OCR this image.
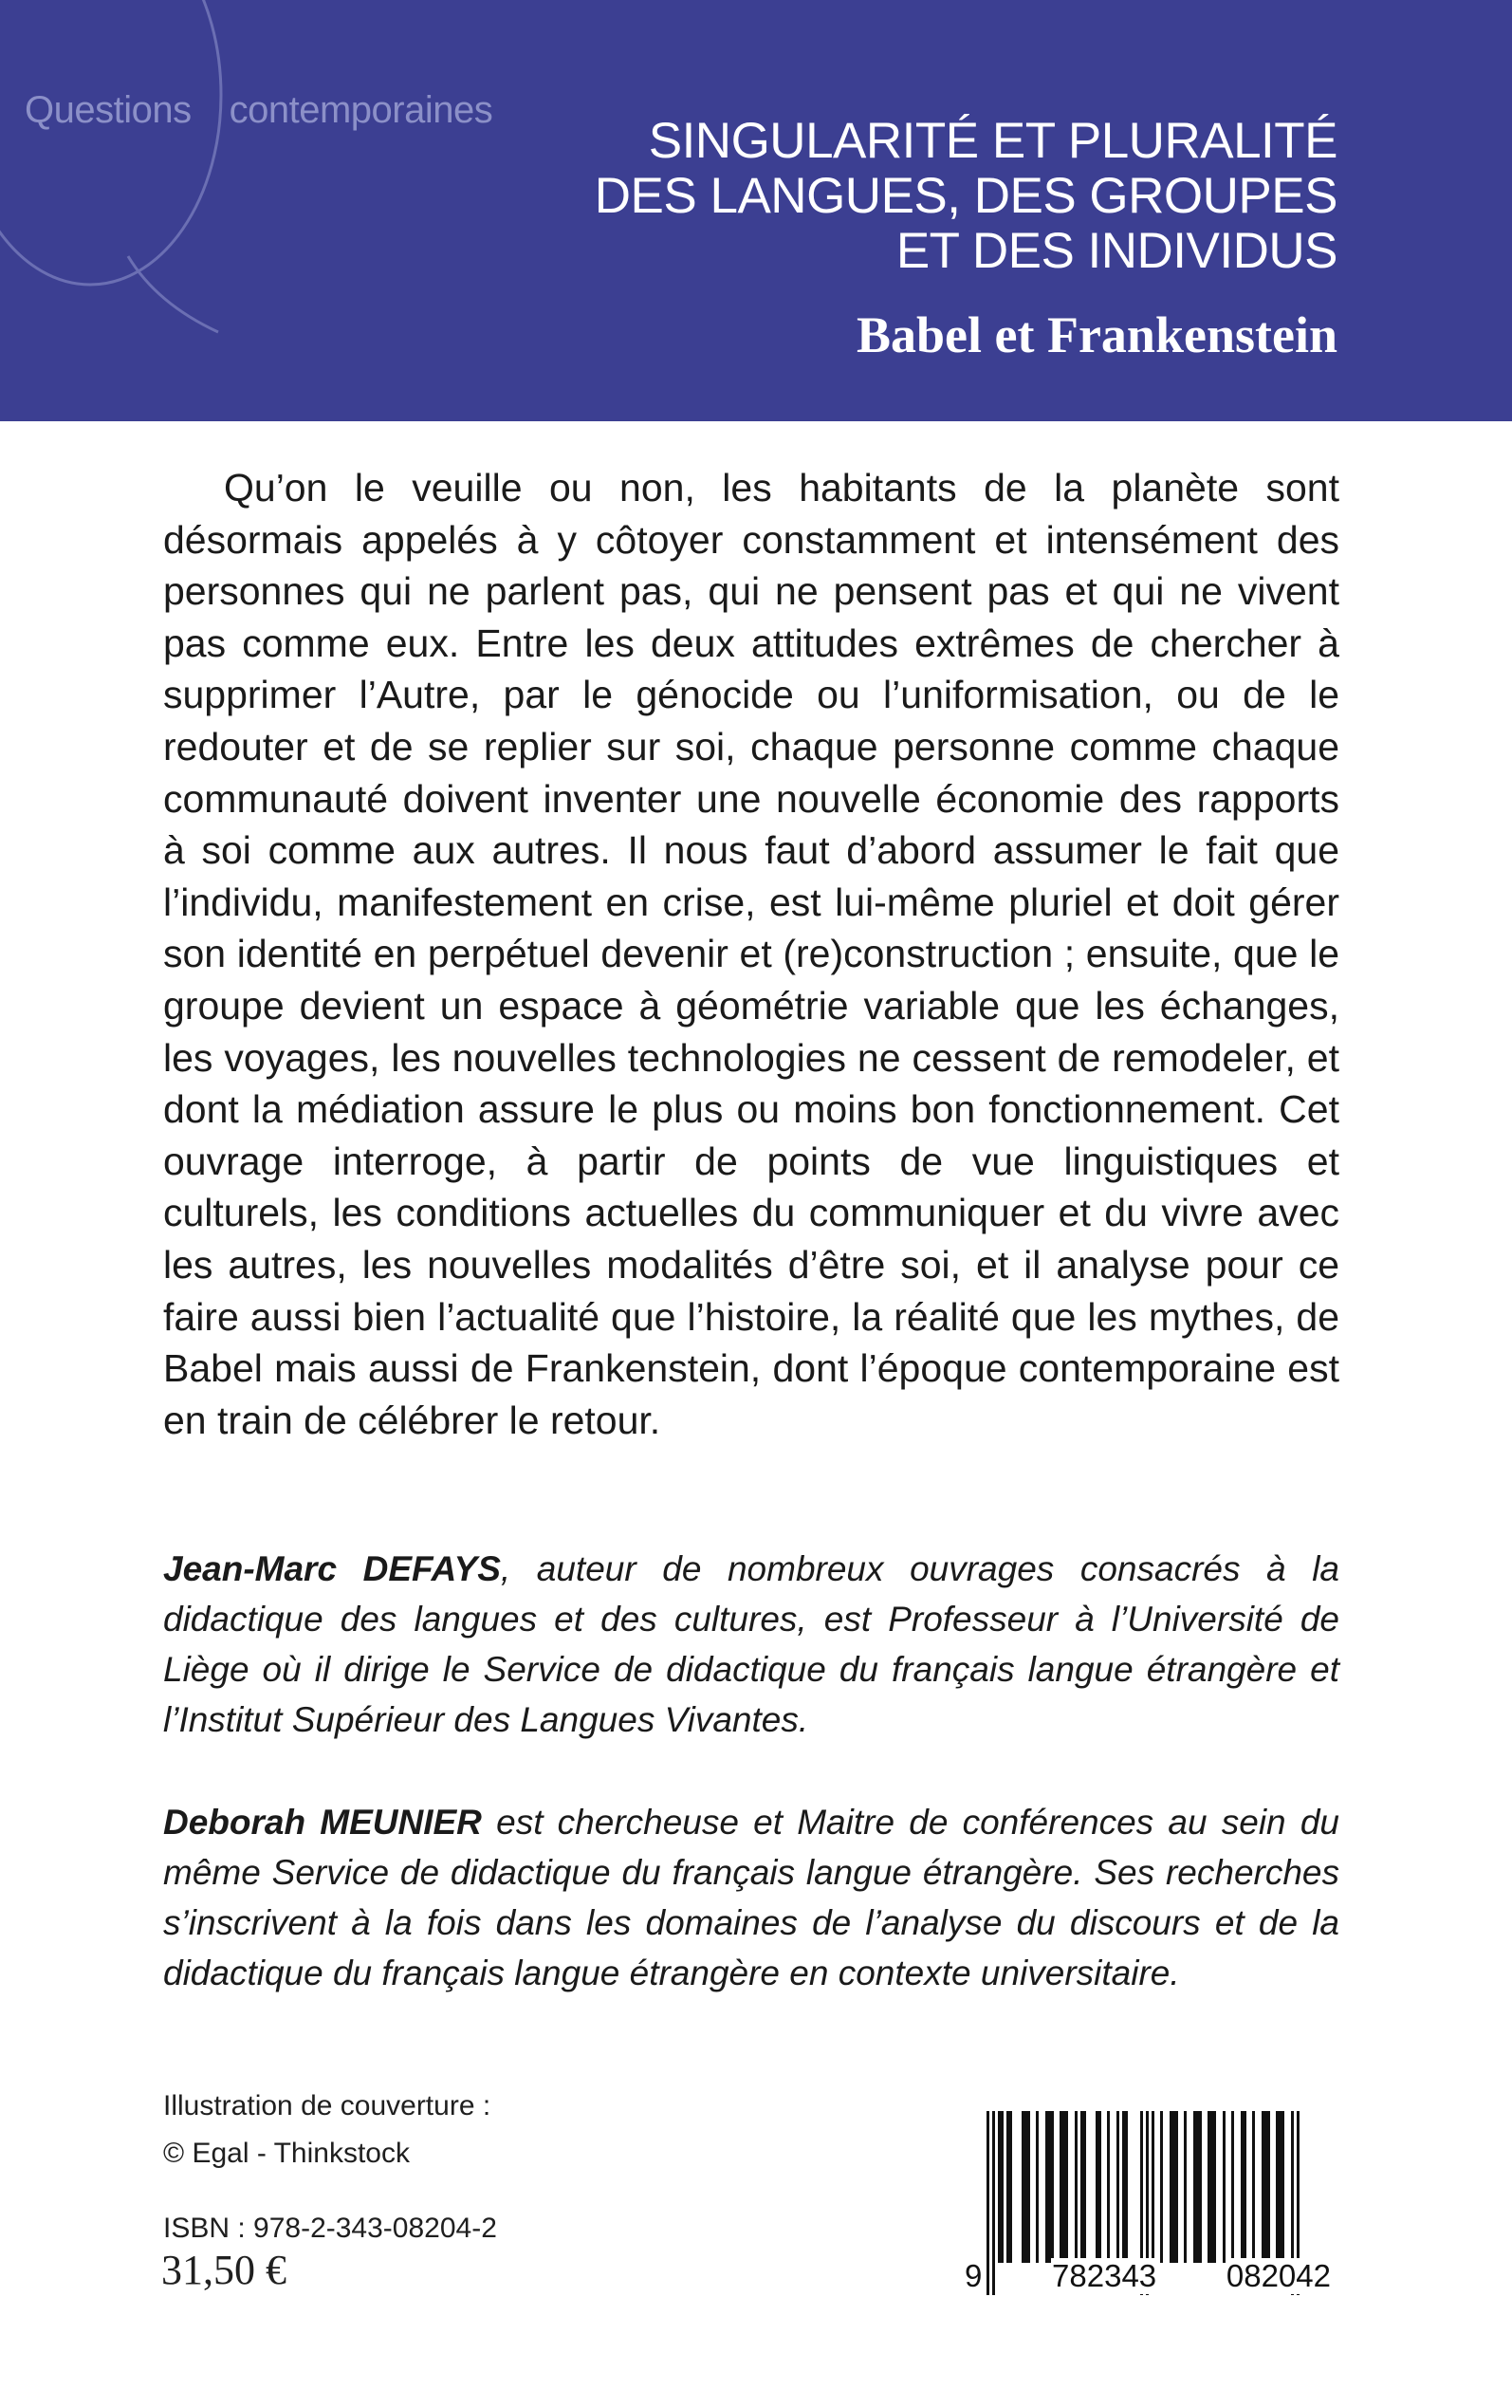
Questions contemporaines
SINGULARITÉ ET PLURALITÉ
DES LANGUES, DES GROUPES
ET DES INDIVIDUS
Babel et Frankenstein

Qu’on le veuille ou non, les habitants de la planète sont désormais appelés à y côtoyer constamment et intensément des personnes qui ne parlent pas, qui ne pensent pas et qui ne vivent pas comme eux. Entre les deux attitudes extrêmes de chercher à supprimer l’Autre, par le génocide ou l’uniformisation, ou de le redouter et de se replier sur soi, chaque personne comme chaque communauté doivent inventer une nouvelle économie des rapports à soi comme aux autres. Il nous faut d’abord assumer le fait que l’individu, manifestement en crise, est lui-même pluriel et doit gérer son identité en perpétuel devenir et (re)construction ; ensuite, que le groupe devient un espace à géométrie variable que les échanges, les voyages, les nouvelles technologies ne cessent de remodeler, et dont la médiation assure le plus ou moins bon fonctionnement. Cet ouvrage interroge, à partir de points de vue linguistiques et culturels, les conditions actuelles du communiquer et du vivre avec les autres, les nouvelles modalités d’être soi, et il analyse pour ce faire aussi bien l’actualité que l’histoire, la réalité que les mythes, de Babel mais aussi de Frankenstein, dont l’époque contemporaine est en train de célébrer le retour.

Jean-Marc DEFAYS, auteur de nombreux ouvrages consacrés à la didactique des langues et des cultures, est Professeur à l’Université de Liège où il dirige le Service de didactique du français langue étrangère et l’Institut Supérieur des Langues Vivantes.

Deborah MEUNIER est chercheuse et Maitre de conférences au sein du même Service de didactique du français langue étrangère. Ses recherches s’inscrivent à la fois dans les domaines de l’analyse du discours et de la didactique du français langue étrangère en contexte universitaire.

Illustration de couverture :
© Egal - Thinkstock
ISBN : 978-2-343-08204-2
31,50 €	9 782343 082042
